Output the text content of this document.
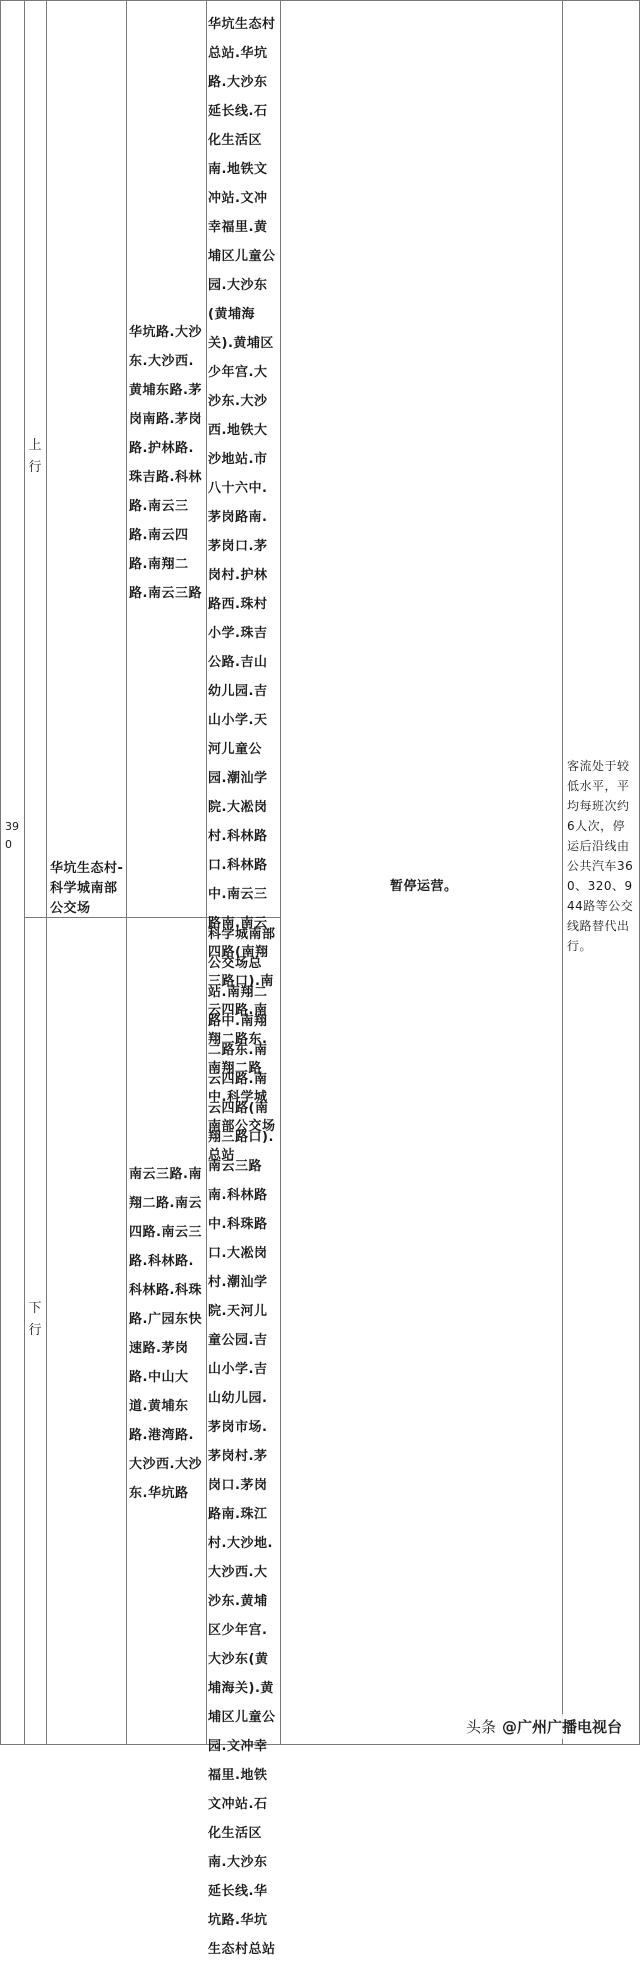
390
上行
下行
华坑生态村-科学城南部公交场
华坑路.大沙东.大沙西.黄埔东路.茅岗南路.茅岗路.护林路.珠吉路.科林路.南云三路.南云四路.南翔二路.南云三路
南云三路.南翔二路.南云四路.南云三路.科林路.科林路.科珠路.广园东快速路.茅岗路.中山大道.黄埔东路.港湾路.大沙西.大沙东.华坑路
华坑生态村总站.华坑路.大沙东延长线.石化生活区南.地铁文冲站.文冲幸福里.黄埔区儿童公园.大沙东(黄埔海关).黄埔区少年宫.大沙东.大沙西.地铁大沙地站.市八十六中.茅岗路南.茅岗口.茅岗村.护林路西.珠村小学.珠吉公路.吉山幼儿园.吉山小学.天河儿童公园.潮汕学院.大凇岗村.科林路口.科林路中.南云三路南.南云四路(南翔三路口).南云四路.南翔二路东.南翔二路中.科学城南部公交场总站
科学城南部公交场总站.南翔二路中.南翔二路东.南云四路.南云四路(南翔三路口).南云三路南.科林路中.科珠路口.大凇岗村.潮汕学院.天河儿童公园.吉山小学.吉山幼儿园.茅岗市场.茅岗村.茅岗口.茅岗路南.珠江村.大沙地.大沙西.大沙东.黄埔区少年宫.大沙东(黄埔海关).黄埔区儿童公园.文冲幸福里.地铁文冲站.石化生活区南.大沙东延长线.华坑路.华坑生态村总站
暂停运营。
客流处于较低水平，平均每班次约6人次，停运后沿线由公共汽车360、320、944路等公交线路替代出行。
头条 @广州广播电视台
